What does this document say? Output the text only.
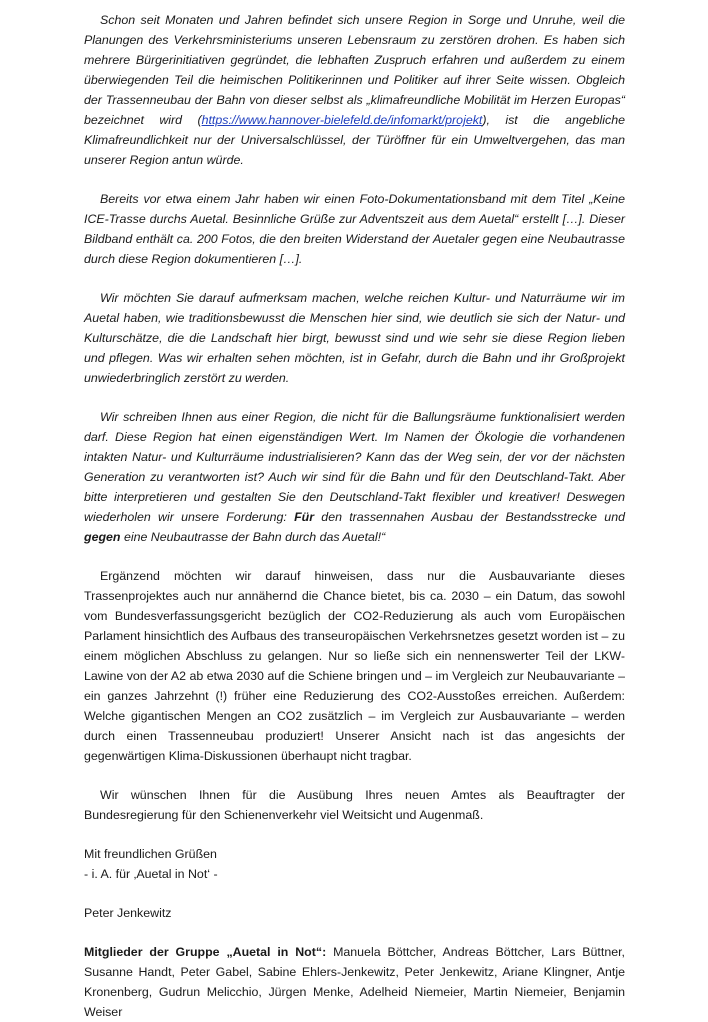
Schon seit Monaten und Jahren befindet sich unsere Region in Sorge und Unruhe, weil die Planungen des Verkehrsministeriums unseren Lebensraum zu zerstören drohen. Es haben sich mehrere Bürgerinitiativen gegründet, die lebhaften Zuspruch erfahren und außerdem zu einem überwiegenden Teil die heimischen Politikerinnen und Politiker auf ihrer Seite wissen. Obgleich der Trassenneubau der Bahn von dieser selbst als „klimafreundliche Mobilität im Herzen Europas“ bezeichnet wird (https://www.hannover-bielefeld.de/infomarkt/projekt), ist die angebliche Klimafreundlichkeit nur der Universalschlüssel, der Türöffner für ein Umweltvergehen, das man unserer Region antun würde.

Bereits vor etwa einem Jahr haben wir einen Foto-Dokumentationsband mit dem Titel „Keine ICE-Trasse durchs Auetal. Besinnliche Grüße zur Adventszeit aus dem Auetal“ erstellt […]. Dieser Bildband enthält ca. 200 Fotos, die den breiten Widerstand der Auetaler gegen eine Neubautrasse durch diese Region dokumentieren […].

Wir möchten Sie darauf aufmerksam machen, welche reichen Kultur- und Naturräume wir im Auetal haben, wie traditionsbewusst die Menschen hier sind, wie deutlich sie sich der Natur- und Kulturschätze, die die Landschaft hier birgt, bewusst sind und wie sehr sie diese Region lieben und pflegen. Was wir erhalten sehen möchten, ist in Gefahr, durch die Bahn und ihr Großprojekt unwiederbringlich zerstört zu werden.

Wir schreiben Ihnen aus einer Region, die nicht für die Ballungsräume funktionalisiert werden darf. Diese Region hat einen eigenständigen Wert. Im Namen der Ökologie die vorhandenen intakten Natur- und Kulturräume industrialisieren? Kann das der Weg sein, der vor der nächsten Generation zu verantworten ist? Auch wir sind für die Bahn und für den Deutschland-Takt. Aber bitte interpretieren und gestalten Sie den Deutschland-Takt flexibler und kreativer! Deswegen wiederholen wir unsere Forderung: Für den trassennahen Ausbau der Bestandsstrecke und gegen eine Neubautrasse der Bahn durch das Auetal!“

Ergänzend möchten wir darauf hinweisen, dass nur die Ausbauvariante dieses Trassenprojektes auch nur annähernd die Chance bietet, bis ca. 2030 – ein Datum, das sowohl vom Bundesverfassungsgericht bezüglich der CO2-Reduzierung als auch vom Europäischen Parlament hinsichtlich des Aufbaus des transeuropäischen Verkehrsnetzes gesetzt worden ist – zu einem möglichen Abschluss zu gelangen. Nur so ließe sich ein nennenswerter Teil der LKW-Lawine von der A2 ab etwa 2030 auf die Schiene bringen und – im Vergleich zur Neubauvariante – ein ganzes Jahrzehnt (!) früher eine Reduzierung des CO2-Ausstoßes erreichen. Außerdem: Welche gigantischen Mengen an CO2 zusätzlich – im Vergleich zur Ausbauvariante – werden durch einen Trassenneubau produziert! Unserer Ansicht nach ist das angesichts der gegenwärtigen Klima-Diskussionen überhaupt nicht tragbar.

Wir wünschen Ihnen für die Ausübung Ihres neuen Amtes als Beauftragter der Bundesregierung für den Schienenverkehr viel Weitsicht und Augenmaß.

Mit freundlichen Grüßen

- i. A. für ‚Auetal in Not‘ -

Peter Jenkewitz

Mitglieder der Gruppe „Auetal in Not“: Manuela Böttcher, Andreas Böttcher, Lars Büttner, Susanne Handt, Peter Gabel, Sabine Ehlers-Jenkewitz, Peter Jenkewitz, Ariane Klingner, Antje Kronenberg, Gudrun Melicchio, Jürgen Menke, Adelheid Niemeier, Martin Niemeier, Benjamin Weiser
